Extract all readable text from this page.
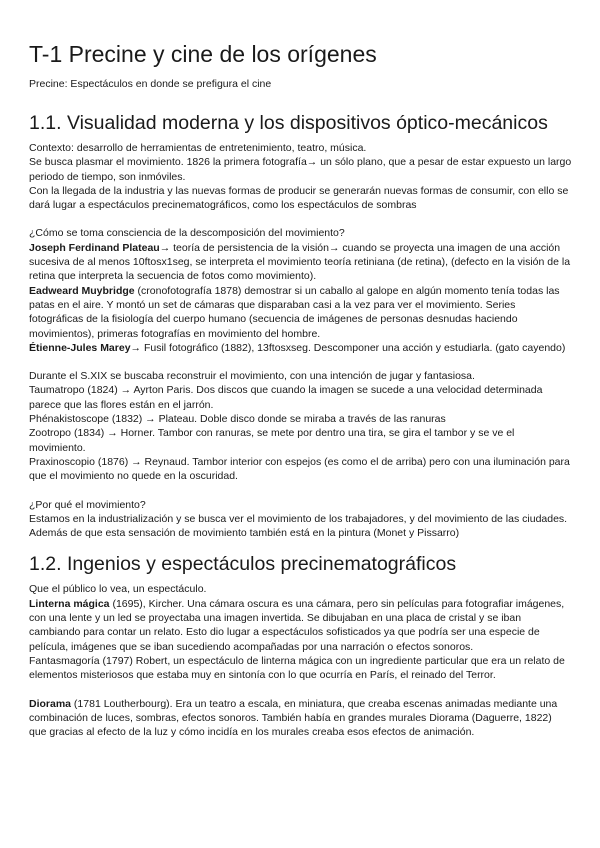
T-1 Precine y cine de los orígenes
Precine: Espectáculos en donde se prefigura el cine
1.1. Visualidad moderna y los dispositivos óptico-mecánicos

Contexto: desarrollo de herramientas de entretenimiento, teatro, música.

Se busca plasmar el movimiento. 1826 la primera fotografía→ un sólo plano, que a pesar de estar expuesto un largo periodo de tiempo, son inmóviles.

Con la llegada de la industria y las nuevas formas de producir se generarán nuevas formas de consumir, con ello se dará lugar a espectáculos precinematográficos, como los espectáculos de sombras

¿Cómo se toma consciencia de la descomposición del movimiento?

Joseph Ferdinand Plateau→ teoría de persistencia de la visión→ cuando se proyecta una imagen de una acción sucesiva de al menos 10ftosx1seg, se interpreta el movimiento teoría retiniana (de retina), (defecto en la visión de la retina que interpreta la secuencia de fotos como movimiento).

Eadweard Muybridge (cronofotografía 1878) demostrar si un caballo al galope en algún momento tenía todas las patas en el aire. Y montó un set de cámaras que disparaban casi a la vez para ver el movimiento. Series fotográficas de la fisiología del cuerpo humano (secuencia de imágenes de personas desnudas haciendo movimientos), primeras fotografías en movimiento del hombre.

Étienne-Jules Marey→ Fusil fotográfico (1882), 13ftosxseg. Descomponer una acción y estudiarla. (gato cayendo)

Durante el S.XIX se buscaba reconstruir el movimiento, con una intención de jugar y fantasiosa.

Taumatropo (1824) → Ayrton Paris. Dos discos que cuando la imagen se sucede a una velocidad determinada parece que las flores están en el jarrón.

Phénakistoscope (1832) → Plateau. Doble disco donde se miraba a través de las ranuras

Zootropo (1834) → Horner. Tambor con ranuras, se mete por dentro una tira, se gira el tambor y se ve el movimiento.

Praxinoscopio (1876) → Reynaud. Tambor interior con espejos (es como el de arriba) pero con una iluminación para que el movimiento no quede en la oscuridad.

¿Por qué el movimiento?

Estamos en la industrialización y se busca ver el movimiento de los trabajadores, y del movimiento de las ciudades. Además de que esta sensación de movimiento también está en la pintura (Monet y Pissarro)

1.2. Ingenios y espectáculos precinematográficos

Que el público lo vea, un espectáculo.

Linterna mágica (1695), Kircher. Una cámara oscura es una cámara, pero sin películas para fotografiar imágenes, con una lente y un led se proyectaba una imagen invertida. Se dibujaban en una placa de cristal y se iban cambiando para contar un relato. Esto dio lugar a espectáculos sofisticados ya que podría ser una especie de película, imágenes que se iban sucediendo acompañadas por una narración o efectos sonoros.

Fantasmagoría (1797) Robert, un espectáculo de linterna mágica con un ingrediente particular que era un relato de elementos misteriosos que estaba muy en sintonía con lo que ocurría en París, el reinado del Terror.

Diorama (1781 Loutherbourg). Era un teatro a escala, en miniatura, que creaba escenas animadas mediante una combinación de luces, sombras, efectos sonoros. También había en grandes murales Diorama (Daguerre, 1822) que gracias al efecto de la luz y cómo incidía en los murales creaba esos efectos de animación.
